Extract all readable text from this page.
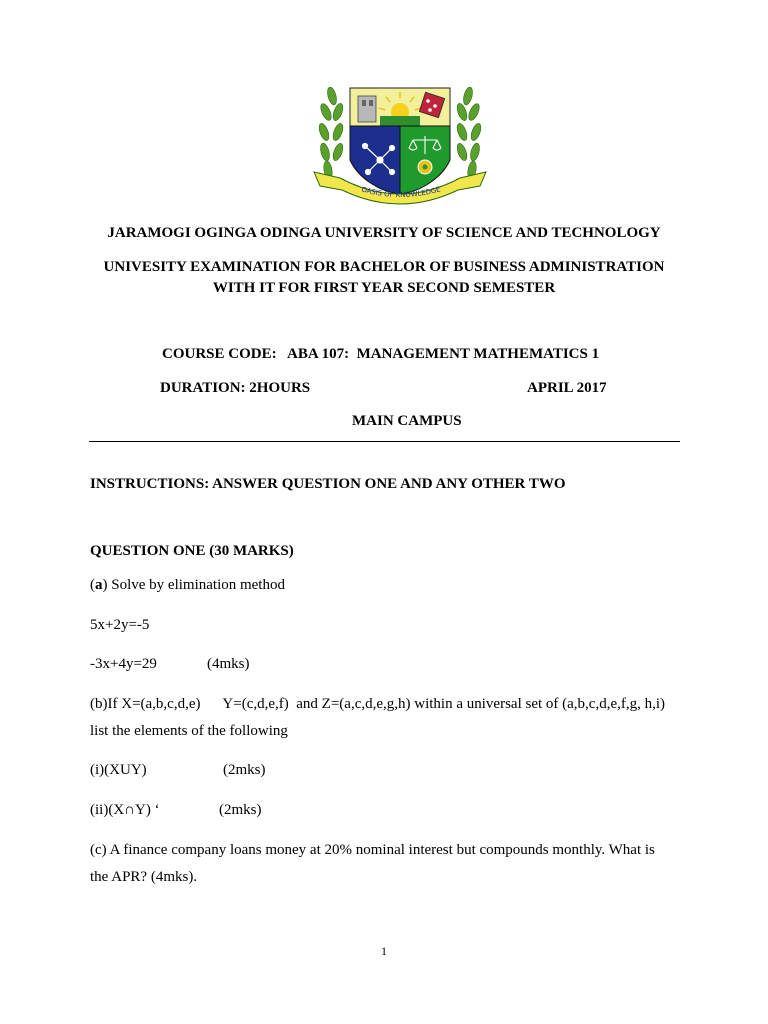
OASIS OF KNOWLEDGE
JARAMOGI OGINGA ODINGA UNIVERSITY OF SCIENCE AND TECHNOLOGY
UNIVESITY EXAMINATION FOR BACHELOR OF BUSINESS ADMINISTRATION
WITH IT FOR FIRST YEAR SECOND SEMESTER
COURSE CODE:   ABA 107:  MANAGEMENT MATHEMATICS 1
DURATION: 2HOURS	APRIL 2017
MAIN CAMPUS
INSTRUCTIONS: ANSWER QUESTION ONE AND ANY OTHER TWO
QUESTION ONE (30 MARKS)
(a) Solve by elimination method
5x+2y=-5
-3x+4y=29	(4mks)
(b)If X=(a,b,c,d,e)      Y=(c,d,e,f)  and Z=(a,c,d,e,g,h) within a universal set of (a,b,c,d,e,f,g, h,i)
list the elements of the following
(i)(XUY)	(2mks)
(ii)(X∩Y) ‘	(2mks)
(c) A finance company loans money at 20% nominal interest but compounds monthly. What is
the APR? (4mks).
1
